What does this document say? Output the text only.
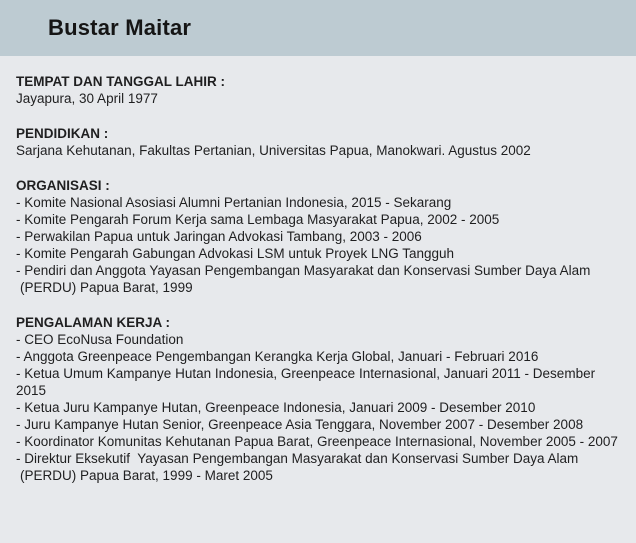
Bustar Maitar
TEMPAT DAN TANGGAL LAHIR :
Jayapura, 30 April 1977
PENDIDIKAN :
Sarjana Kehutanan, Fakultas Pertanian, Universitas Papua, Manokwari. Agustus 2002
ORGANISASI :
- Komite Nasional Asosiasi Alumni Pertanian Indonesia, 2015 - Sekarang
- Komite Pengarah Forum Kerja sama Lembaga Masyarakat Papua, 2002 - 2005
- Perwakilan Papua untuk Jaringan Advokasi Tambang, 2003 - 2006
- Komite Pengarah Gabungan Advokasi LSM untuk Proyek LNG Tangguh
- Pendiri dan Anggota Yayasan Pengembangan Masyarakat dan Konservasi Sumber Daya Alam
(PERDU) Papua Barat, 1999
PENGALAMAN KERJA :
- CEO EcoNusa Foundation
- Anggota Greenpeace Pengembangan Kerangka Kerja Global, Januari - Februari 2016
- Ketua Umum Kampanye Hutan Indonesia, Greenpeace Internasional, Januari 2011 - Desember 2015
- Ketua Juru Kampanye Hutan, Greenpeace Indonesia, Januari 2009 - Desember 2010
- Juru Kampanye Hutan Senior, Greenpeace Asia Tenggara, November 2007 - Desember 2008
- Koordinator Komunitas Kehutanan Papua Barat, Greenpeace Internasional, November 2005 - 2007
- Direktur Eksekutif  Yayasan Pengembangan Masyarakat dan Konservasi Sumber Daya Alam
(PERDU) Papua Barat, 1999 - Maret 2005
